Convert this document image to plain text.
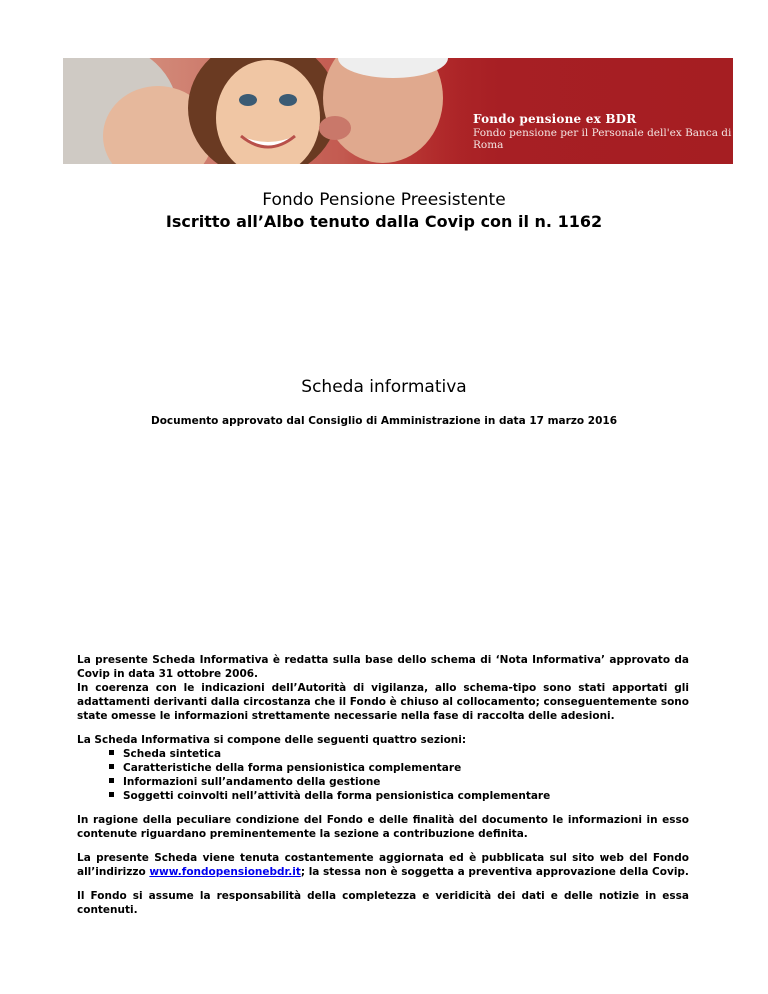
Fondo pensione ex BDR
Fondo pensione per il Personale dell'ex Banca di Roma
Fondo Pensione Preesistente
Iscritto all’Albo tenuto dalla Covip con il n. 1162
Scheda informativa
Documento approvato dal Consiglio di Amministrazione in data 17 marzo 2016

La presente Scheda Informativa è redatta sulla base dello schema di ‘Nota Informativa’ approvato da Covip in data 31 ottobre 2006.
In coerenza con le indicazioni dell’Autorità di vigilanza, allo schema-tipo sono stati apportati gli adattamenti derivanti dalla circostanza che il Fondo è chiuso al collocamento; conseguentemente sono state omesse le informazioni strettamente necessarie nella fase di raccolta delle adesioni.

La Scheda Informativa si compone delle seguenti quattro sezioni:

Scheda sintetica
Caratteristiche della forma pensionistica complementare
Informazioni sull’andamento della gestione
Soggetti coinvolti nell’attività della forma pensionistica complementare

In ragione della peculiare condizione del Fondo e delle finalità del documento le informazioni in esso contenute riguardano preminentemente la sezione a contribuzione definita.

La presente Scheda viene tenuta costantemente aggiornata ed è pubblicata sul sito web del Fondo all’indirizzo www.fondopensionebdr.it; la stessa non è soggetta a preventiva approvazione della Covip.

Il Fondo si assume la responsabilità della completezza e veridicità dei dati e delle notizie in essa contenuti.
